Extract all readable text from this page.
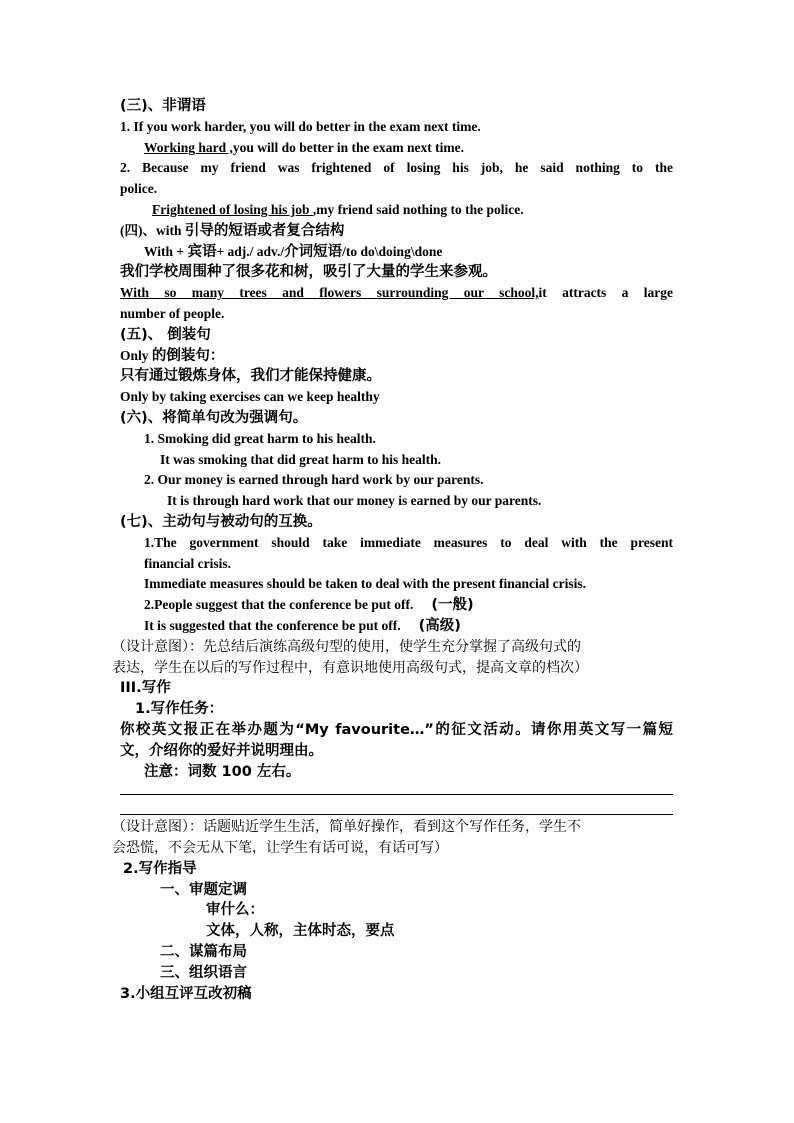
(三)、非谓语
1. If you work harder, you will do better in the exam next time.
Working hard ,you will do better in the exam next time.
2. Because my friend was frightened of losing his job, he said nothing to the
police.
Frightened of losing his job ,my friend said nothing to the police.
(四)、with 引导的短语或者复合结构
With + 宾语+ adj./ adv./介词短语/to do\doing\done
我们学校周围种了很多花和树，吸引了大量的学生来参观。
With so many trees and flowers surrounding our school,it attracts a large
number of people.
(五)、 倒装句
Only 的倒装句：
只有通过锻炼身体，我们才能保持健康。
Only by taking exercises can we keep healthy
(六)、将简单句改为强调句。
1. Smoking did great harm to his health.
It was smoking that did great harm to his health.
2. Our money is earned through hard work by our parents.
It is through hard work that our money is earned by our parents.
(七)、主动句与被动句的互换。
1.The government should take immediate measures to deal with the present
financial crisis.
Immediate measures should be taken to deal with the present financial crisis.
2.People suggest that the conference be put off. (一般)
It is suggested that the conference be put off. (高级)
（设计意图）：先总结后演练高级句型的使用，使学生充分掌握了高级句式的
表达，学生在以后的写作过程中，有意识地使用高级句式，提高文章的档次）
III.写作
1.写作任务：
你校英文报正在举办题为“My favourite…”的征文活动。请你用英文写一篇短
文，介绍你的爱好并说明理由。
注意：词数 100 左右。
（设计意图）：话题贴近学生生活，简单好操作，看到这个写作任务，学生不
会恐慌，不会无从下笔，让学生有话可说，有话可写）
2.写作指导
一、审题定调
审什么：
文体，人称，主体时态，要点
二、谋篇布局
三、组织语言
3.小组互评互改初稿
